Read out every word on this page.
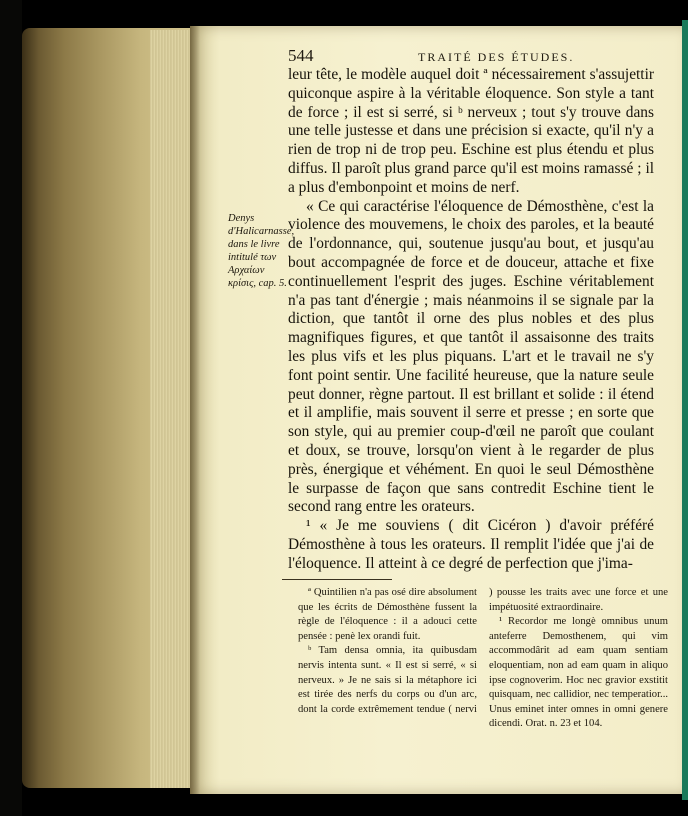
544	TRAITÉ DES ÉTUDES.
Denys d'Halicarnasse, dans le livre intitulé των Αρχαίων κρίσις, cap. 5.

leur tête, le modèle auquel doit ª nécessairement s'assujettir quiconque aspire à la véritable éloquence. Son style a tant de force ; il est si serré, si ᵇ nerveux ; tout s'y trouve dans une telle justesse et dans une précision si exacte, qu'il n'y a rien de trop ni de trop peu. Eschine est plus étendu et plus diffus. Il paroît plus grand parce qu'il est moins ramassé ; il a plus d'embonpoint et moins de nerf.

« Ce qui caractérise l'éloquence de Démosthène, c'est la violence des mouvemens, le choix des paroles, et la beauté de l'ordonnance, qui, soutenue jusqu'au bout, et jusqu'au bout accompagnée de force et de douceur, attache et fixe continuellement l'esprit des juges. Eschine véritablement n'a pas tant d'énergie ; mais néanmoins il se signale par la diction, que tantôt il orne des plus nobles et des plus magnifiques figures, et que tantôt il assaisonne des traits les plus vifs et les plus piquans. L'art et le travail ne s'y font point sentir. Une facilité heureuse, que la nature seule peut donner, règne partout. Il est brillant et solide : il étend et il amplifie, mais souvent il serre et presse ; en sorte que son style, qui au premier coup-d'œil ne paroît que coulant et doux, se trouve, lorsqu'on vient à le regarder de plus près, énergique et véhément. En quoi le seul Démosthène le surpasse de façon que sans contredit Eschine tient le second rang entre les orateurs.

¹ « Je me souviens ( dit Cicéron ) d'avoir préféré Démosthène à tous les orateurs. Il remplit l'idée que j'ai de l'éloquence. Il atteint à ce degré de perfection que j'ima-

ª Quintilien n'a pas osé dire absolument que les écrits de Démosthène fussent la règle de l'éloquence : il a adouci cette pensée : penè lex orandi fuit.

ᵇ Tam densa omnia, ita quibusdam nervis intenta sunt. « Il est si serré, « si nerveux. » Je ne sais si la métaphore ici est tirée des nerfs du corps ou d'un arc, dont la corde extrêmement tendue ( nervi ) pousse les traits avec une force et une impétuosité extraordinaire.

¹ Recordor me longè omnibus unum anteferre Demosthenem, qui vim accommodârit ad eam quam sentiam eloquentiam, non ad eam quam in aliquo ipse cognoverim. Hoc nec gravior exstitit quisquam, nec callidior, nec temperatior... Unus eminet inter omnes in omni genere dicendi. Orat. n. 23 et 104.
